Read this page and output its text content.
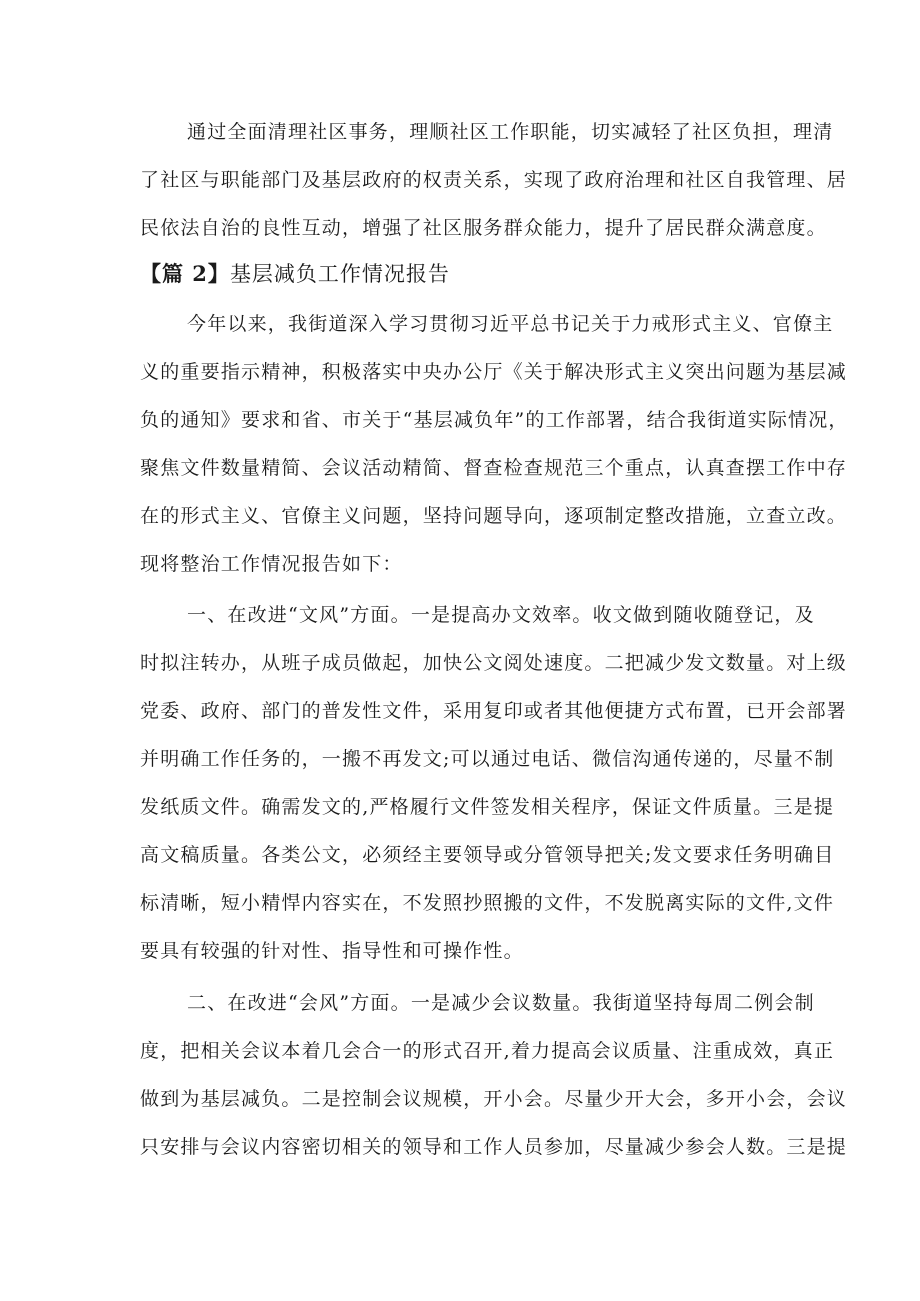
通过全面清理社区事务，理顺社区工作职能，切实减轻了社区负担，理清
了社区与职能部门及基层政府的权责关系，实现了政府治理和社区自我管理、居
民依法自治的良性互动，增强了社区服务群众能力，提升了居民群众满意度。
【篇 2】基层减负工作情况报告
今年以来，我街道深入学习贯彻习近平总书记关于力戒形式主义、官僚主
义的重要指示精神，积极落实中央办公厅《关于解决形式主义突出问题为基层减
负的通知》要求和省、市关于“基层减负年”的工作部署，结合我街道实际情况，
聚焦文件数量精简、会议活动精简、督查检查规范三个重点，认真查摆工作中存
在的形式主义、官僚主义问题，坚持问题导向，逐项制定整改措施，立查立改。
现将整治工作情况报告如下：
一、在改进“文风”方面。一是提高办文效率。收文做到随收随登记，及
时拟注转办，从班子成员做起，加快公文阅处速度。二把减少发文数量。对上级
党委、政府、部门的普发性文件，采用复印或者其他便捷方式布置，已开会部署
并明确工作任务的，一搬不再发文;可以通过电话、微信沟通传递的，尽量不制
发纸质文件。确需发文的,严格履行文件签发相关程序，保证文件质量。三是提
高文稿质量。各类公文，必须经主要领导或分管领导把关;发文要求任务明确目
标清晰，短小精悍内容实在，不发照抄照搬的文件，不发脱离实际的文件,文件
要具有较强的针对性、指导性和可操作性。
二、在改进“会风”方面。一是减少会议数量。我街道坚持每周二例会制
度，把相关会议本着几会合一的形式召开,着力提高会议质量、注重成效，真正
做到为基层减负。二是控制会议规模，开小会。尽量少开大会，多开小会，会议
只安排与会议内容密切相关的领导和工作人员参加，尽量减少参会人数。三是提
